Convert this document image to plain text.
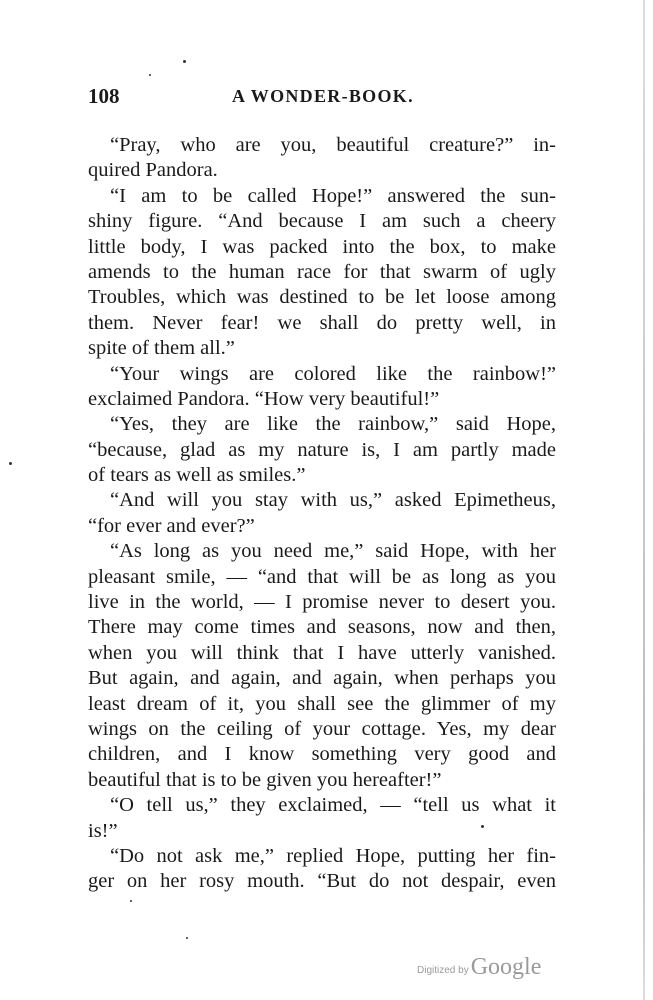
108	A WONDER-BOOK.
“Pray, who are you, beautiful creature?” in-
quired Pandora.
“I am to be called Hope!” answered the sun-
shiny figure. “And because I am such a cheery
little body, I was packed into the box, to make
amends to the human race for that swarm of ugly
Troubles, which was destined to be let loose among
them. Never fear! we shall do pretty well, in
spite of them all.”
“Your wings are colored like the rainbow!”
exclaimed Pandora. “How very beautiful!”
“Yes, they are like the rainbow,” said Hope,
“because, glad as my nature is, I am partly made
of tears as well as smiles.”
“And will you stay with us,” asked Epimetheus,
“for ever and ever?”
“As long as you need me,” said Hope, with her
pleasant smile, — “and that will be as long as you
live in the world, — I promise never to desert you.
There may come times and seasons, now and then,
when you will think that I have utterly vanished.
But again, and again, and again, when perhaps you
least dream of it, you shall see the glimmer of my
wings on the ceiling of your cottage. Yes, my dear
children, and I know something very good and
beautiful that is to be given you hereafter!”
“O tell us,” they exclaimed, — “tell us what it
is!”
“Do not ask me,” replied Hope, putting her fin-
ger on her rosy mouth. “But do not despair, even
Digitized by Google
